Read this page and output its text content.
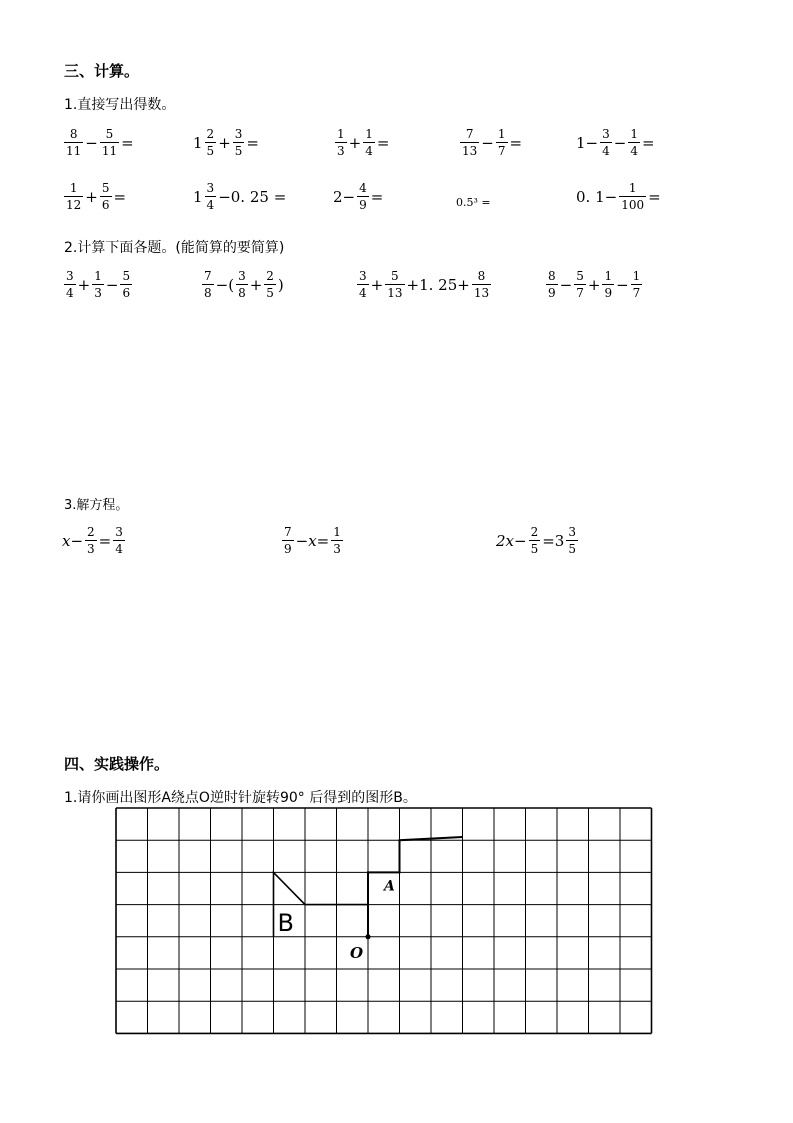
三、计算。
1.直接写出得数。
$\frac{8}{11} - \frac{5}{11}$ =	$1 \frac{2}{5} + \frac{3}{5}$ =	$\frac{1}{3} + \frac{1}{4}$ =	$\frac{7}{13} - \frac{1}{7}$ =	$1- \frac{3}{4} - \frac{1}{4}$ =
$\frac{1}{12} + \frac{5}{6}$ =	$1 \frac{3}{4} -0$. 25 =	$2- \frac{4}{9}$ =	0.5³ =	0. $1- \frac{1}{100}$ =
2.计算下面各题。(能简算的要简算)
$\frac{3}{4} + \frac{1}{3} - \frac{5}{6}$	$\frac{7}{8}$ −( $\frac{3}{8} + \frac{2}{5}$ )	$\frac{3}{4} + \frac{5}{13} +1$. $25+ \frac{8}{13}$	$\frac{8}{9} - \frac{5}{7} + \frac{1}{9} - \frac{1}{7}$
3.解方程。
$x- \frac{2}{3} = \frac{3}{4}$	$\frac{7}{9} -x= \frac{1}{3}$	$2x- \frac{2}{5} =3 \frac{3}{5}$
四、实践操作。
1.请你画出图形A绕点O逆时针旋转90° 后得到的图形B。
A
O
B
